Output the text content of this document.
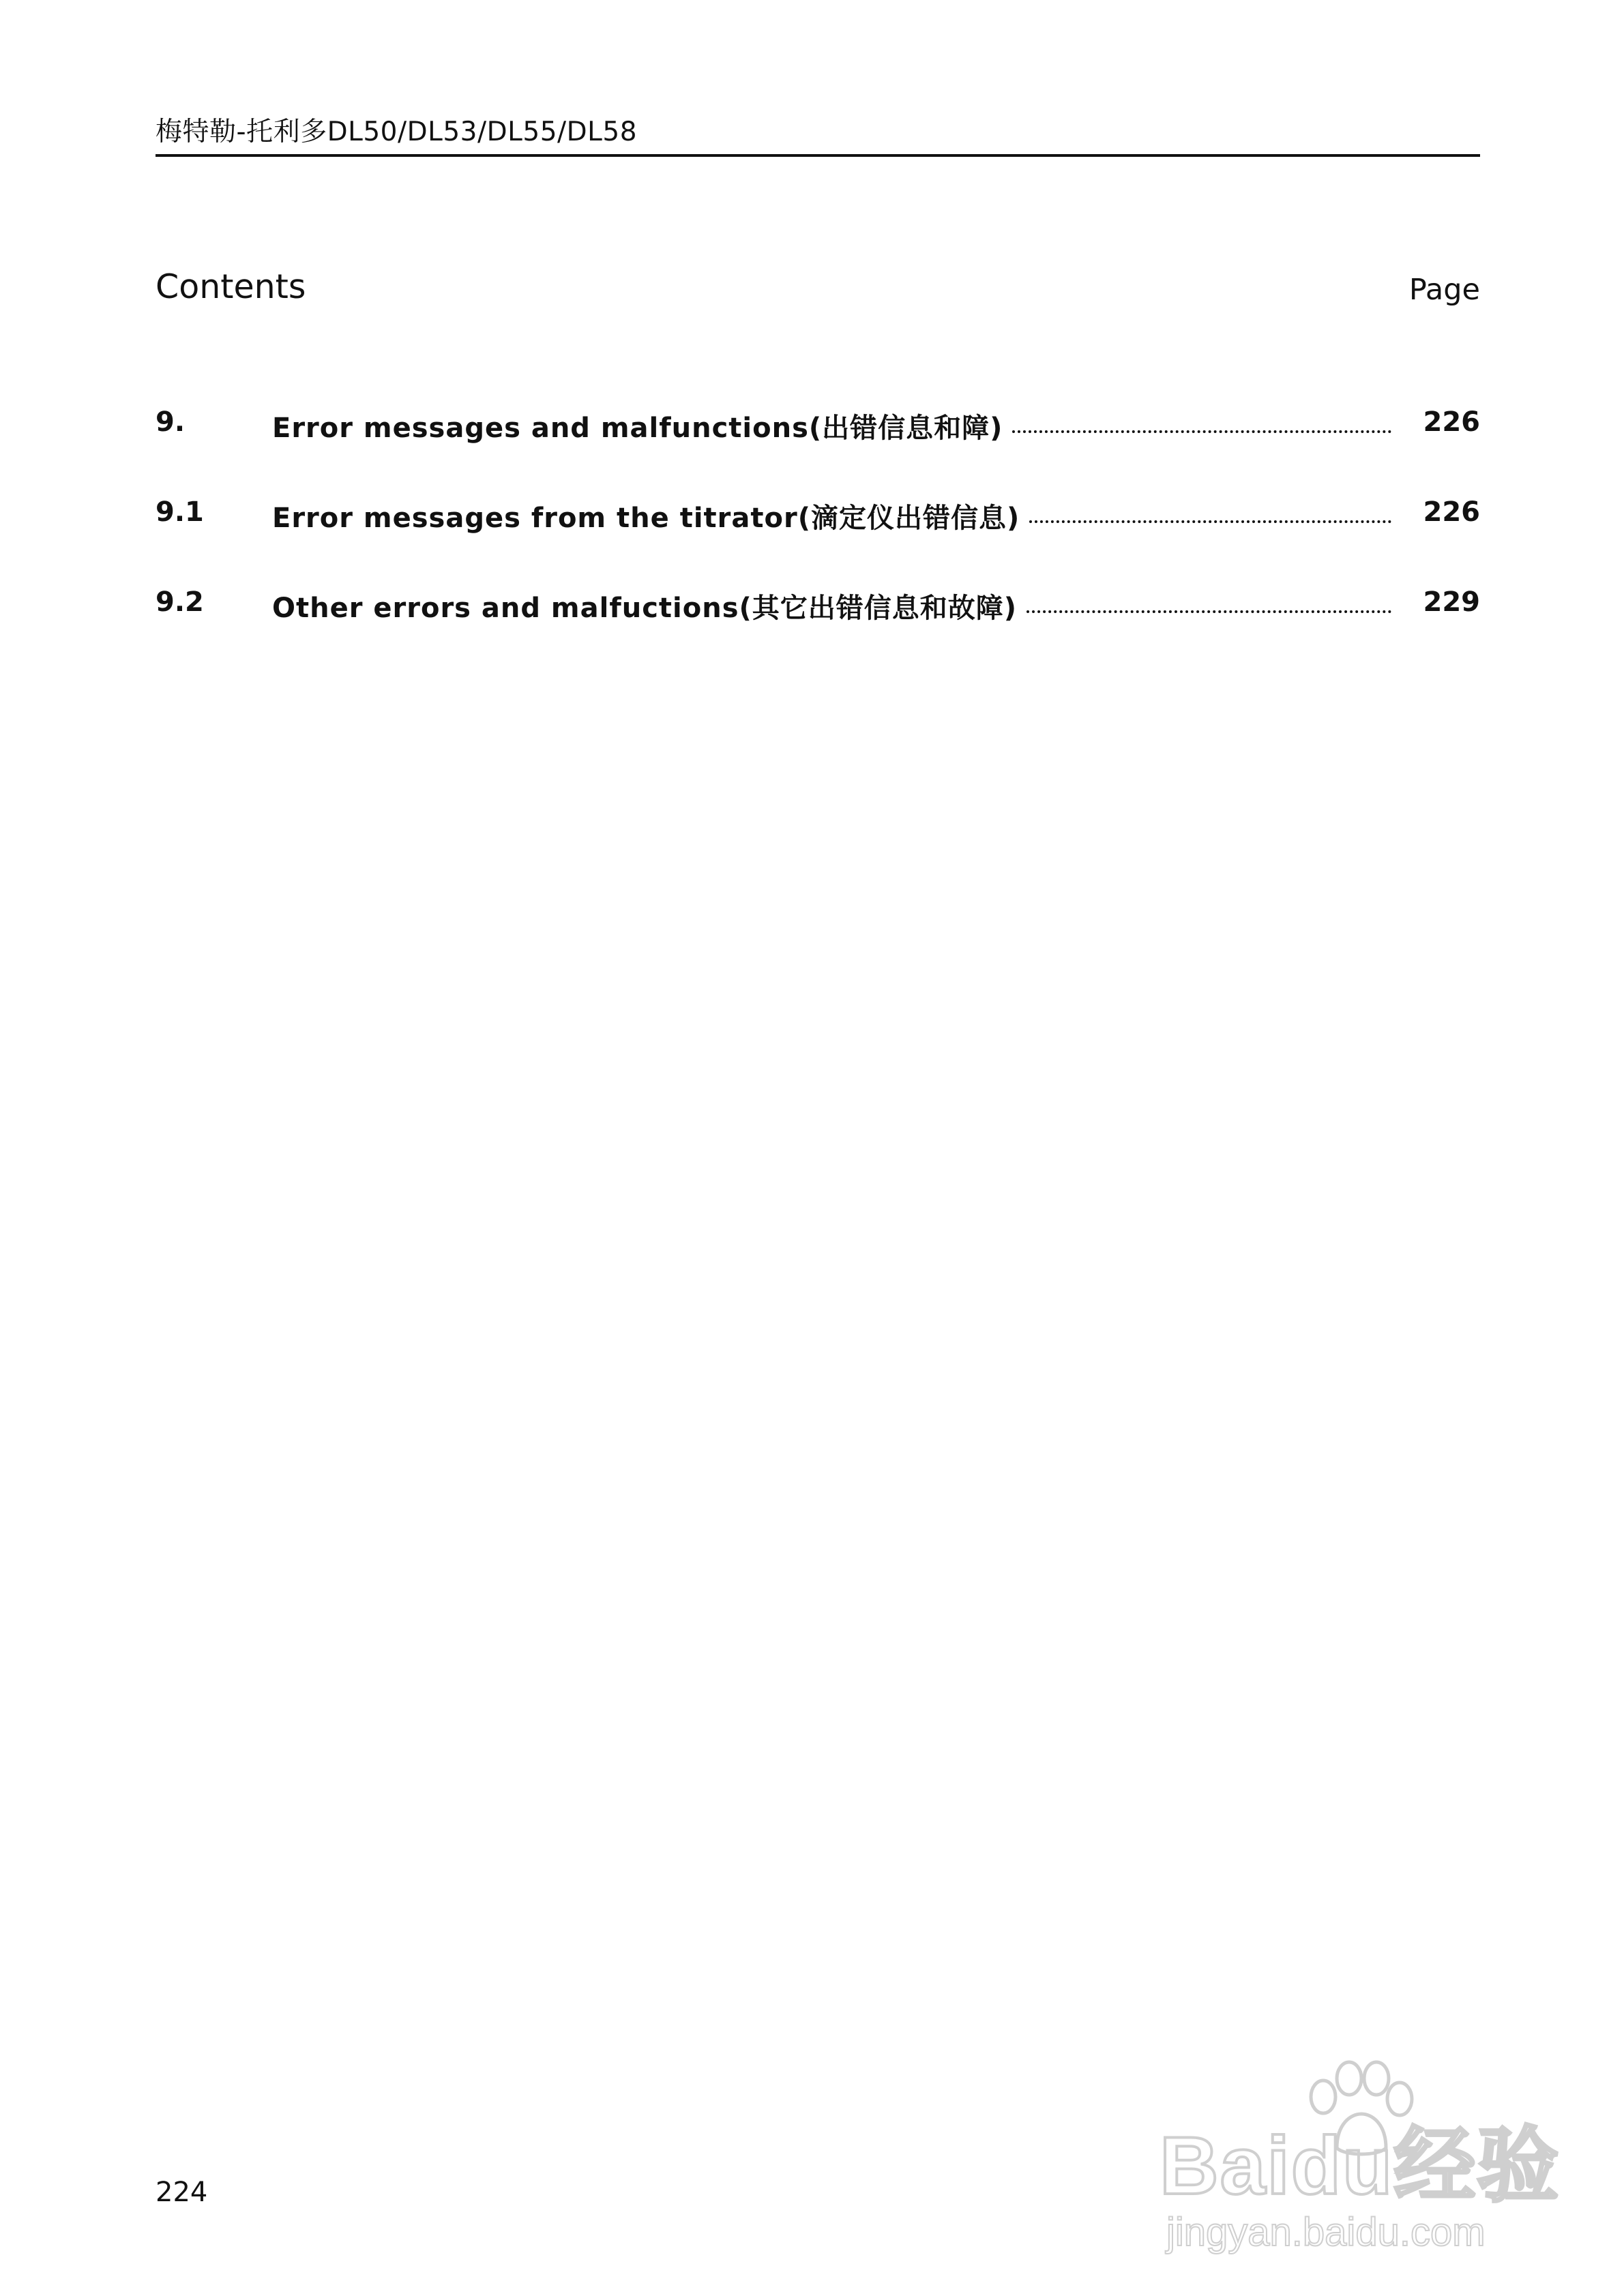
梅特勒-托利多DL50/DL53/DL55/DL58
Contents	Page
9.	Error messages and malfunctions(出错信息和障)	226
9.1	Error messages from the titrator(滴定仪出错信息)	226
9.2	Other errors and malfuctions(其它出错信息和故障)	229
224	Baidu经验
jingyan.baidu.com
